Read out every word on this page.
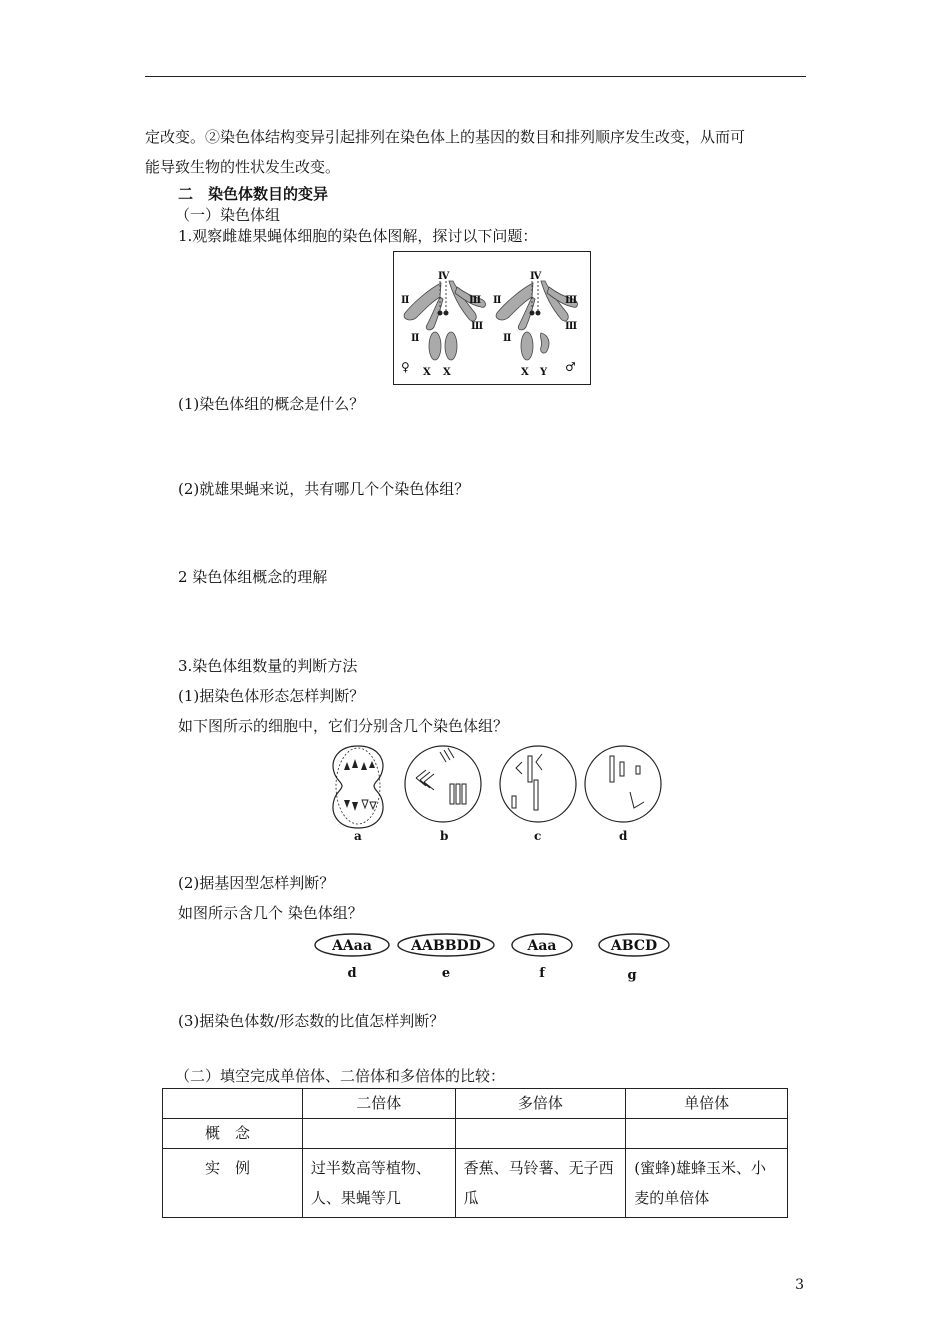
定改变。②染色体结构变异引起排列在染色体上的基因的数目和排列顺序发生改变，从而可
能导致生物的性状发生改变。
二　染色体数目的变异
（一）染色体组
1.观察雌雄果蝇体细胞的染色体图解，探讨以下问题：
Ⅳ
Ⅱ	Ⅲ
Ⅱ
Ⅲ
♀ X X
Ⅳ
Ⅱ	Ⅲ
Ⅱ
Ⅲ
X Y ♂
(1)染色体组的概念是什么？
(2)就雄果蝇来说，共有哪几个个染色体组？
2 染色体组概念的理解
3.染色体组数量的判断方法
(1)据染色体形态怎样判断？
如下图所示的细胞中，它们分别含几个染色体组？
a	b	c	d
(2)据基因型怎样判断？
如图所示含几个 染色体组？
AAaa	AABBDD	Aaa	ABCD
d	e	f	g
(3)据染色体数/形态数的比值怎样判断？
（二）填空完成单倍体、二倍体和多倍体的比较：

	二倍体	多倍体	单倍体

概　念			

实　例	过半数高等植物、人、果蝇等几	香蕉、马铃薯、无子西瓜	(蜜蜂)雄蜂玉米、小麦的单倍体
3
